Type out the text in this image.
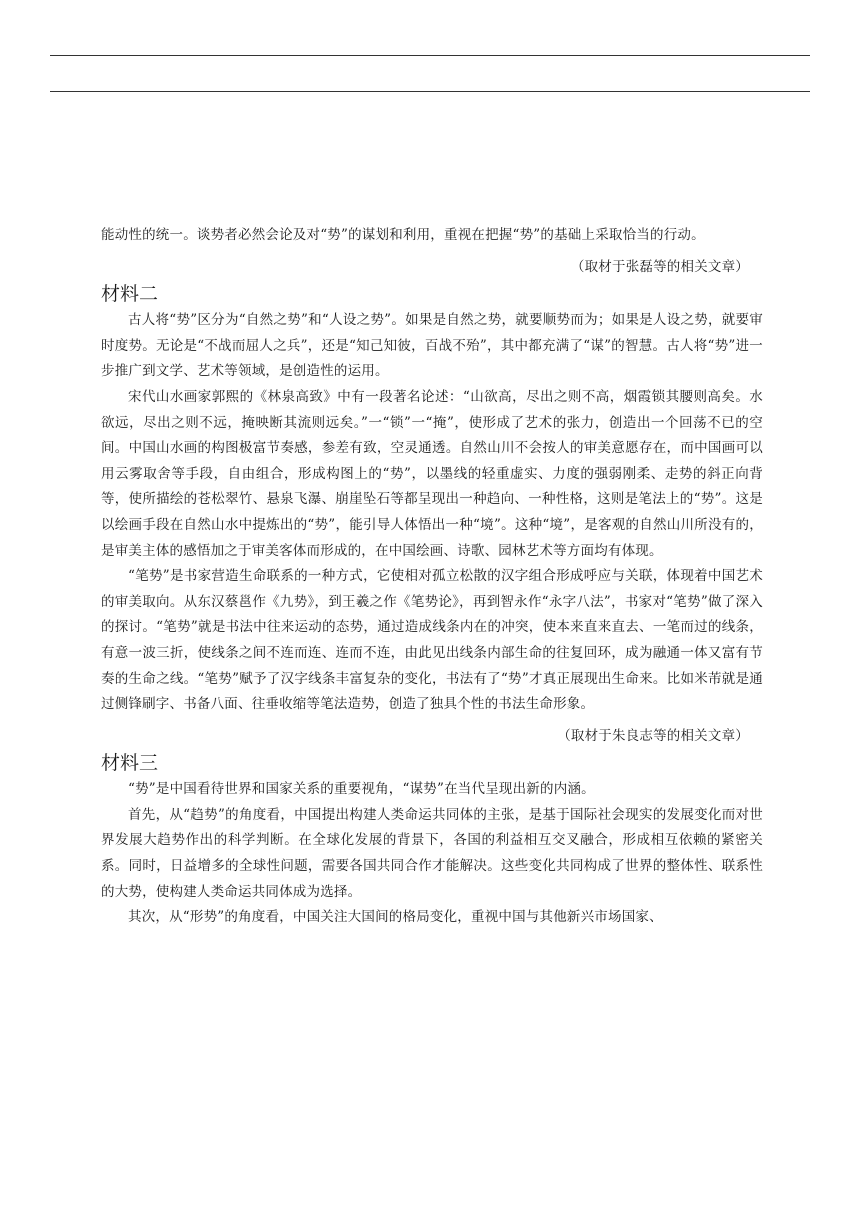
能动性的统一。谈势者必然会论及对“势”的谋划和利用，重视在把握“势”的基础上采取恰当的行动。

（取材于张磊等的相关文章）

材料二

古人将“势”区分为“自然之势”和“人设之势”。如果是自然之势，就要顺势而为；如果是人设之势，就要审时度势。无论是“不战而屈人之兵”，还是“知己知彼，百战不殆”，其中都充满了“谋”的智慧。古人将“势”进一步推广到文学、艺术等领域，是创造性的运用。

宋代山水画家郭熙的《林泉高致》中有一段著名论述：“山欲高，尽出之则不高，烟霞锁其腰则高矣。水欲远，尽出之则不远，掩映断其流则远矣。”一“锁”一“掩”，使形成了艺术的张力，创造出一个回荡不已的空间。中国山水画的构图极富节奏感，参差有致，空灵通透。自然山川不会按人的审美意愿存在，而中国画可以用云雾取舍等手段，自由组合，形成构图上的“势”，以墨线的轻重虚实、力度的强弱刚柔、走势的斜正向背等，使所描绘的苍松翠竹、悬泉飞瀑、崩崖坠石等都呈现出一种趋向、一种性格，这则是笔法上的“势”。这是以绘画手段在自然山水中提炼出的“势”，能引导人体悟出一种“境”。这种“境”，是客观的自然山川所没有的，是审美主体的感悟加之于审美客体而形成的，在中国绘画、诗歌、园林艺术等方面均有体现。

“笔势”是书家营造生命联系的一种方式，它使相对孤立松散的汉字组合形成呼应与关联，体现着中国艺术的审美取向。从东汉蔡邕作《九势》，到王羲之作《笔势论》，再到智永作“永字八法”，书家对“笔势”做了深入的探讨。“笔势”就是书法中往来运动的态势，通过造成线条内在的冲突，使本来直来直去、一笔而过的线条，有意一波三折，使线条之间不连而连、连而不连，由此见出线条内部生命的往复回环，成为融通一体又富有节奏的生命之线。“笔势”赋予了汉字线条丰富复杂的变化，书法有了“势”才真正展现出生命来。比如米芾就是通过侧锋刷字、书备八面、往垂收缩等笔法造势，创造了独具个性的书法生命形象。

（取材于朱良志等的相关文章）

材料三

“势”是中国看待世界和国家关系的重要视角，“谋势”在当代呈现出新的内涵。

首先，从“趋势”的角度看，中国提出构建人类命运共同体的主张，是基于国际社会现实的发展变化而对世界发展大趋势作出的科学判断。在全球化发展的背景下，各国的利益相互交叉融合，形成相互依赖的紧密关系。同时，日益增多的全球性问题，需要各国共同合作才能解决。这些变化共同构成了世界的整体性、联系性的大势，使构建人类命运共同体成为选择。

其次，从“形势”的角度看，中国关注大国间的格局变化，重视中国与其他新兴市场国家、
